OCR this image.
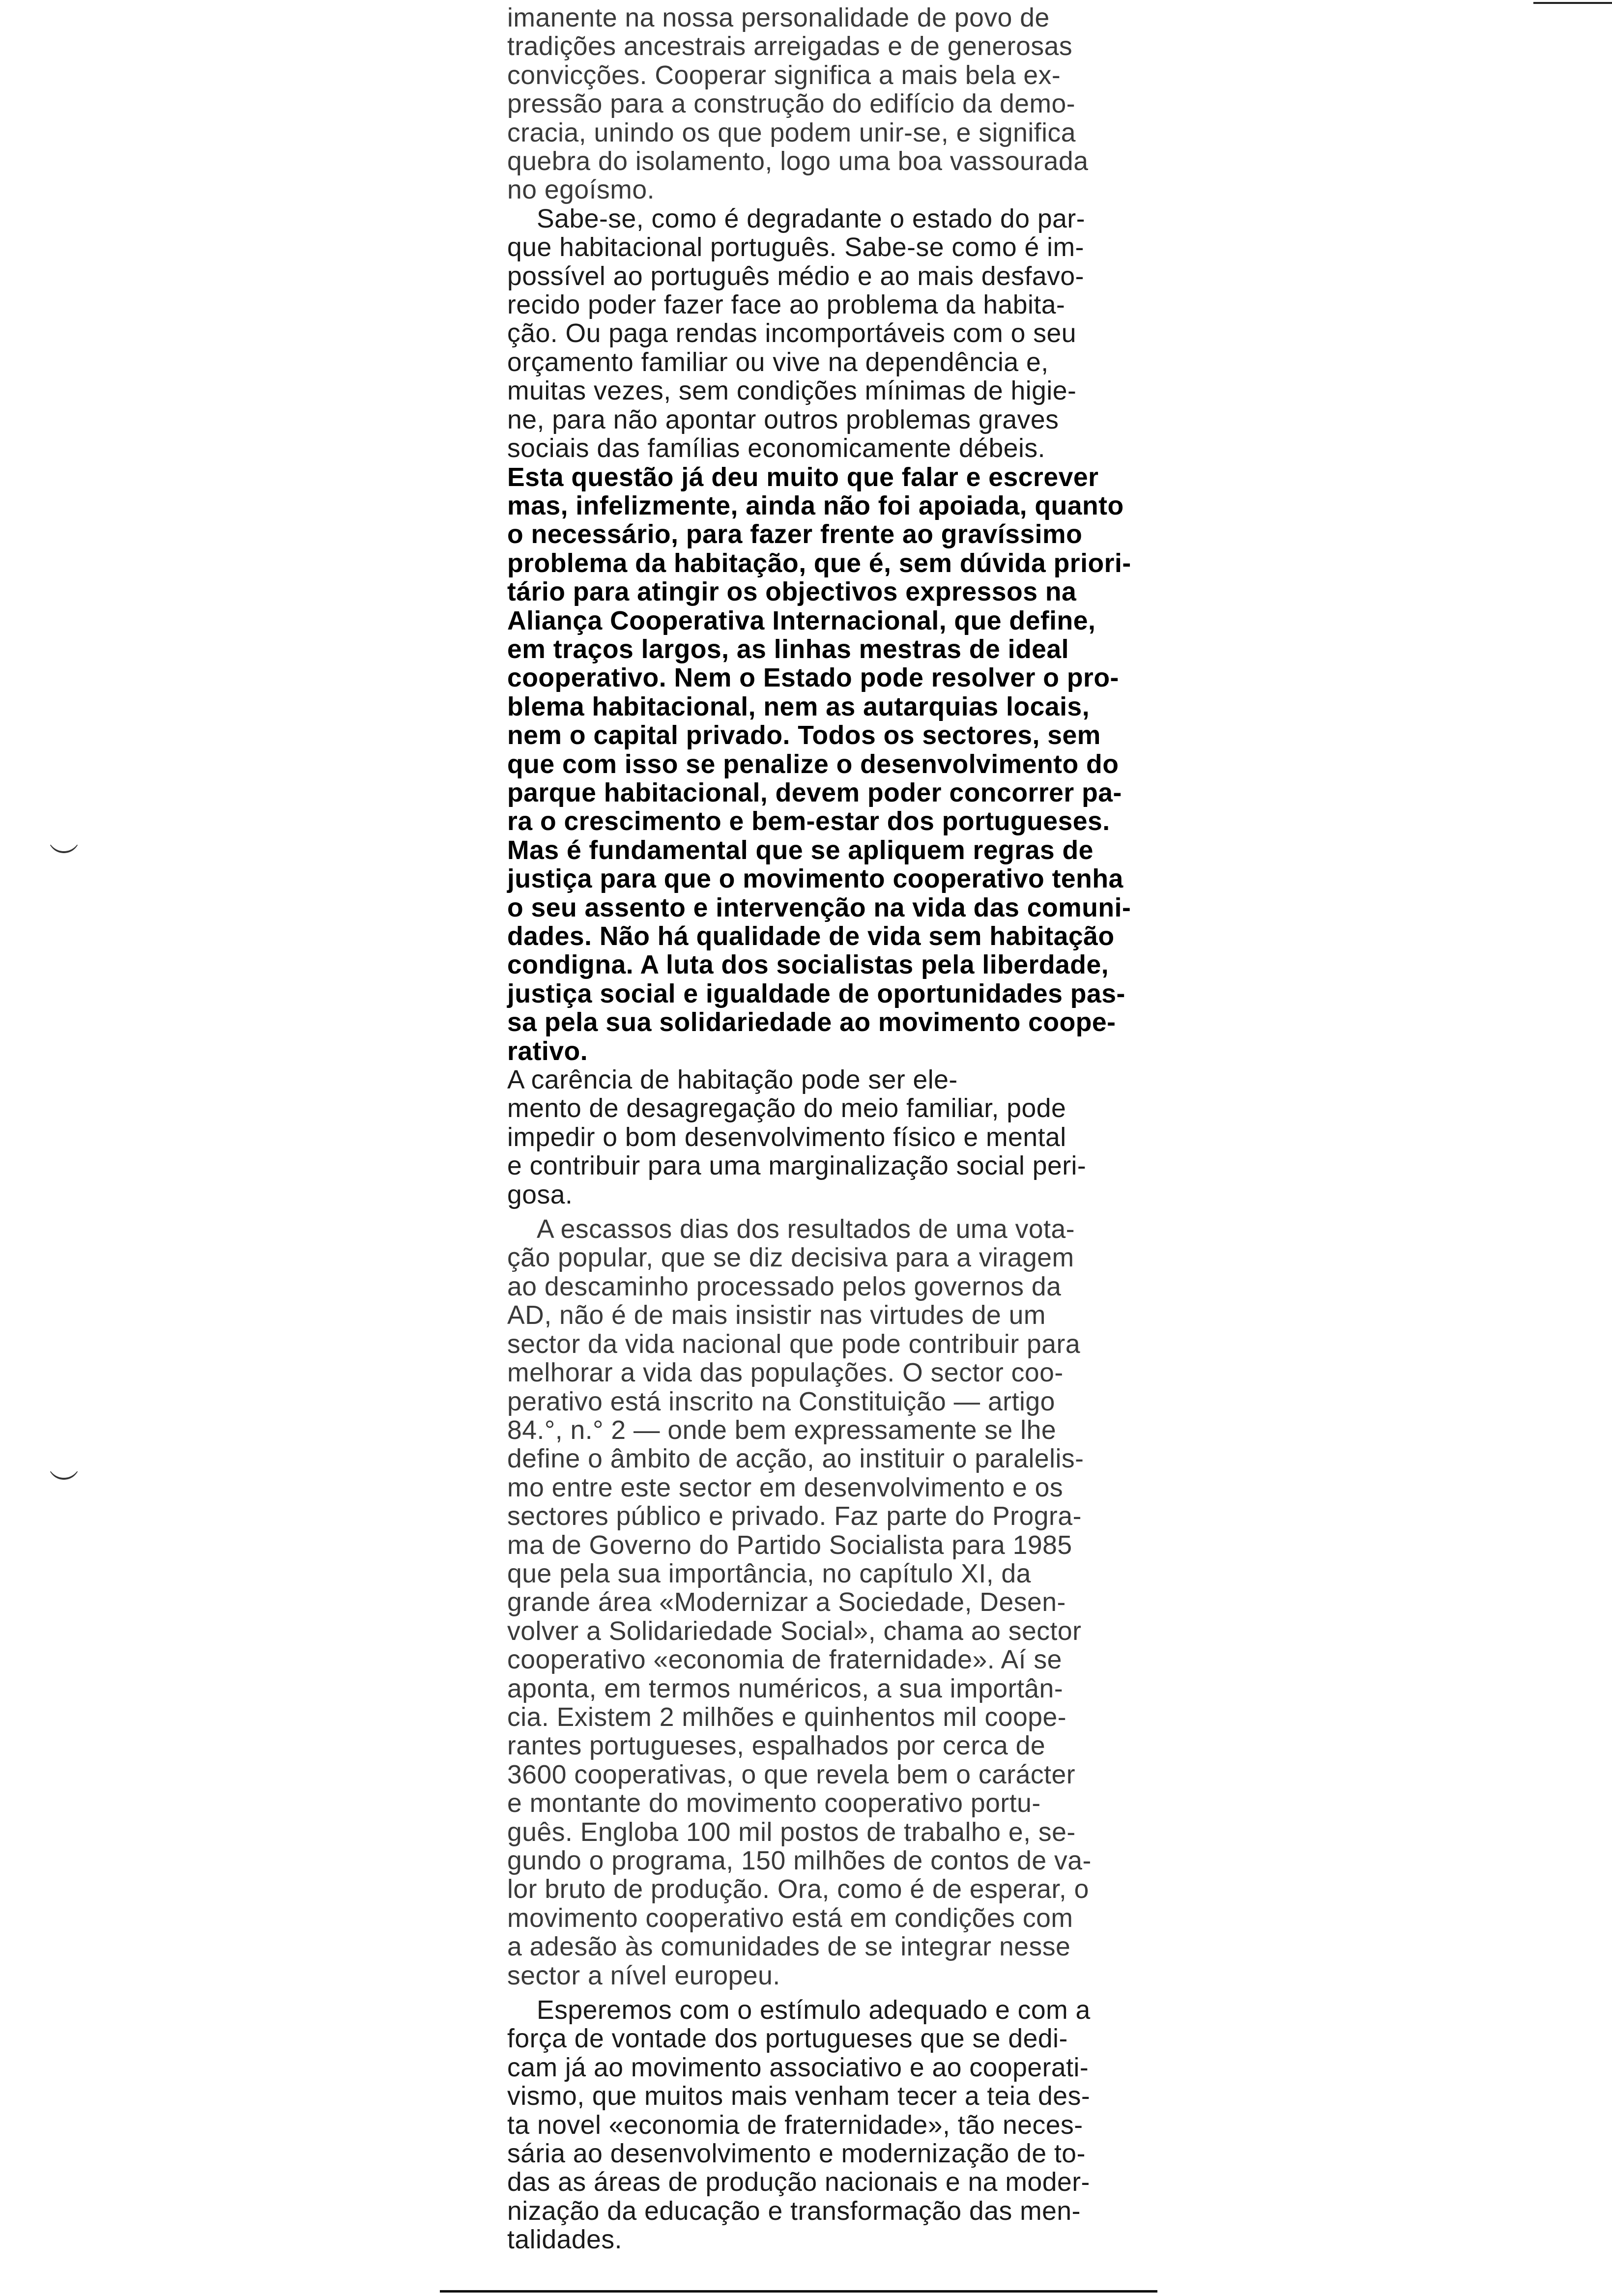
︶
︶

imanente na nossa personalidade de povo de
tradições ancestrais arreigadas e de generosas
convicções. Cooperar significa a mais bela ex-
pressão para a construção do edifício da demo-
cracia, unindo os que podem unir-se, e significa
quebra do isolamento, logo uma boa vassourada
no egoísmo.

Sabe-se, como é degradante o estado do par-
que habitacional português. Sabe-se como é im-
possível ao português médio e ao mais desfavo-
recido poder fazer face ao problema da habita-
ção. Ou paga rendas incomportáveis com o seu
orçamento familiar ou vive na dependência e,
muitas vezes, sem condições mínimas de higie-
ne, para não apontar outros problemas graves
sociais das famílias economicamente débeis.

Esta questão já deu muito que falar e escrever
mas, infelizmente, ainda não foi apoiada, quanto
o necessário, para fazer frente ao gravíssimo
problema da habitação, que é, sem dúvida priori-
tário para atingir os objectivos expressos na
Aliança Cooperativa Internacional, que define,
em traços largos, as linhas mestras de ideal
cooperativo. Nem o Estado pode resolver o pro-
blema habitacional, nem as autarquias locais,
nem o capital privado. Todos os sectores, sem
que com isso se penalize o desenvolvimento do
parque habitacional, devem poder concorrer pa-
ra o crescimento e bem-estar dos portugueses.
Mas é fundamental que se apliquem regras de
justiça para que o movimento cooperativo tenha
o seu assento e intervenção na vida das comuni-
dades. Não há qualidade de vida sem habitação
condigna. A luta dos socialistas pela liberdade,
justiça social e igualdade de oportunidades pas-
sa pela sua solidariedade ao movimento coope-
rativo.

A carência de habitação pode ser ele-
mento de desagregação do meio familiar, pode
impedir o bom desenvolvimento físico e mental
e contribuir para uma marginalização social peri-
gosa.

A escassos dias dos resultados de uma vota-
ção popular, que se diz decisiva para a viragem
ao descaminho processado pelos governos da
AD, não é de mais insistir nas virtudes de um
sector da vida nacional que pode contribuir para
melhorar a vida das populações. O sector coo-
perativo está inscrito na Constituição — artigo
84.°, n.° 2 — onde bem expressamente se lhe
define o âmbito de acção, ao instituir o paralelis-
mo entre este sector em desenvolvimento e os
sectores público e privado. Faz parte do Progra-
ma de Governo do Partido Socialista para 1985
que pela sua importância, no capítulo XI, da
grande área «Modernizar a Sociedade, Desen-
volver a Solidariedade Social», chama ao sector
cooperativo «economia de fraternidade». Aí se
aponta, em termos numéricos, a sua importân-
cia. Existem 2 milhões e quinhentos mil coope-
rantes portugueses, espalhados por cerca de
3600 cooperativas, o que revela bem o carácter
e montante do movimento cooperativo portu-
guês. Engloba 100 mil postos de trabalho e, se-
gundo o programa, 150 milhões de contos de va-
lor bruto de produção. Ora, como é de esperar, o
movimento cooperativo está em condições com
a adesão às comunidades de se integrar nesse
sector a nível europeu.

Esperemos com o estímulo adequado e com a
força de vontade dos portugueses que se dedi-
cam já ao movimento associativo e ao cooperati-
vismo, que muitos mais venham tecer a teia des-
ta novel «economia de fraternidade», tão neces-
sária ao desenvolvimento e modernização de to-
das as áreas de produção nacionais e na moder-
nização da educação e transformação das men-
talidades.
